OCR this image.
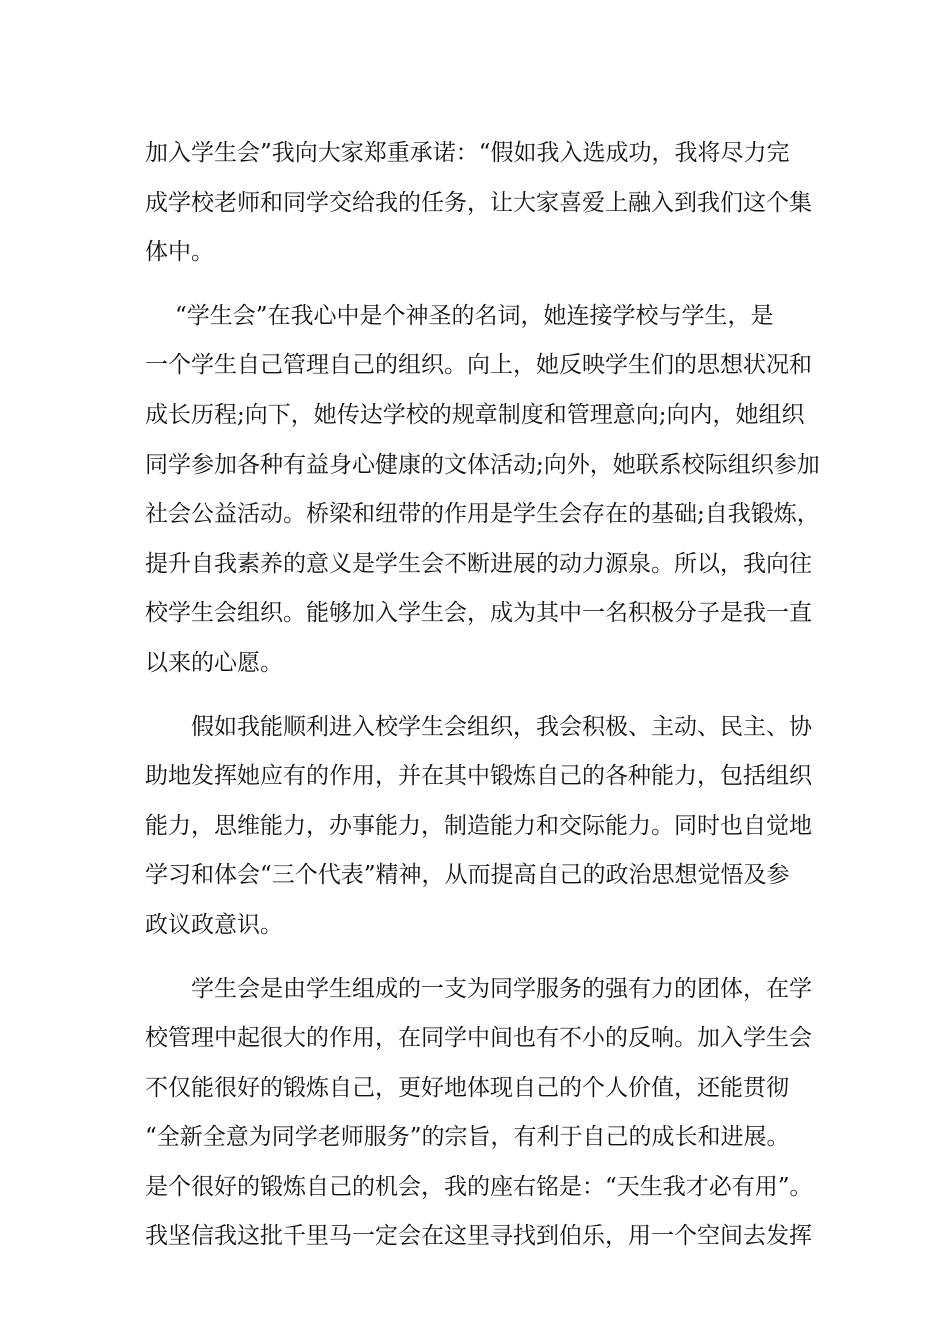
加入学生会”我向大家郑重承诺：“假如我入选成功，我将尽力完
成学校老师和同学交给我的任务，让大家喜爱上融入到我们这个集
体中。
“学生会”在我心中是个神圣的名词，她连接学校与学生，是
一个学生自己管理自己的组织。向上，她反映学生们的思想状况和
成长历程;向下，她传达学校的规章制度和管理意向;向内，她组织
同学参加各种有益身心健康的文体活动;向外，她联系校际组织参加
社会公益活动。桥梁和纽带的作用是学生会存在的基础;自我锻炼，
提升自我素养的意义是学生会不断进展的动力源泉。所以，我向往
校学生会组织。能够加入学生会，成为其中一名积极分子是我一直
以来的心愿。
假如我能顺利进入校学生会组织，我会积极、主动、民主、协
助地发挥她应有的作用，并在其中锻炼自己的各种能力，包括组织
能力，思维能力，办事能力，制造能力和交际能力。同时也自觉地
学习和体会“三个代表”精神，从而提高自己的政治思想觉悟及参
政议政意识。
学生会是由学生组成的一支为同学服务的强有力的团体，在学
校管理中起很大的作用，在同学中间也有不小的反响。加入学生会
不仅能很好的锻炼自己，更好地体现自己的个人价值，还能贯彻
“全新全意为同学老师服务”的宗旨，有利于自己的成长和进展。
是个很好的锻炼自己的机会，我的座右铭是：“天生我才必有用”。
我坚信我这批千里马一定会在这里寻找到伯乐，用一个空间去发挥
